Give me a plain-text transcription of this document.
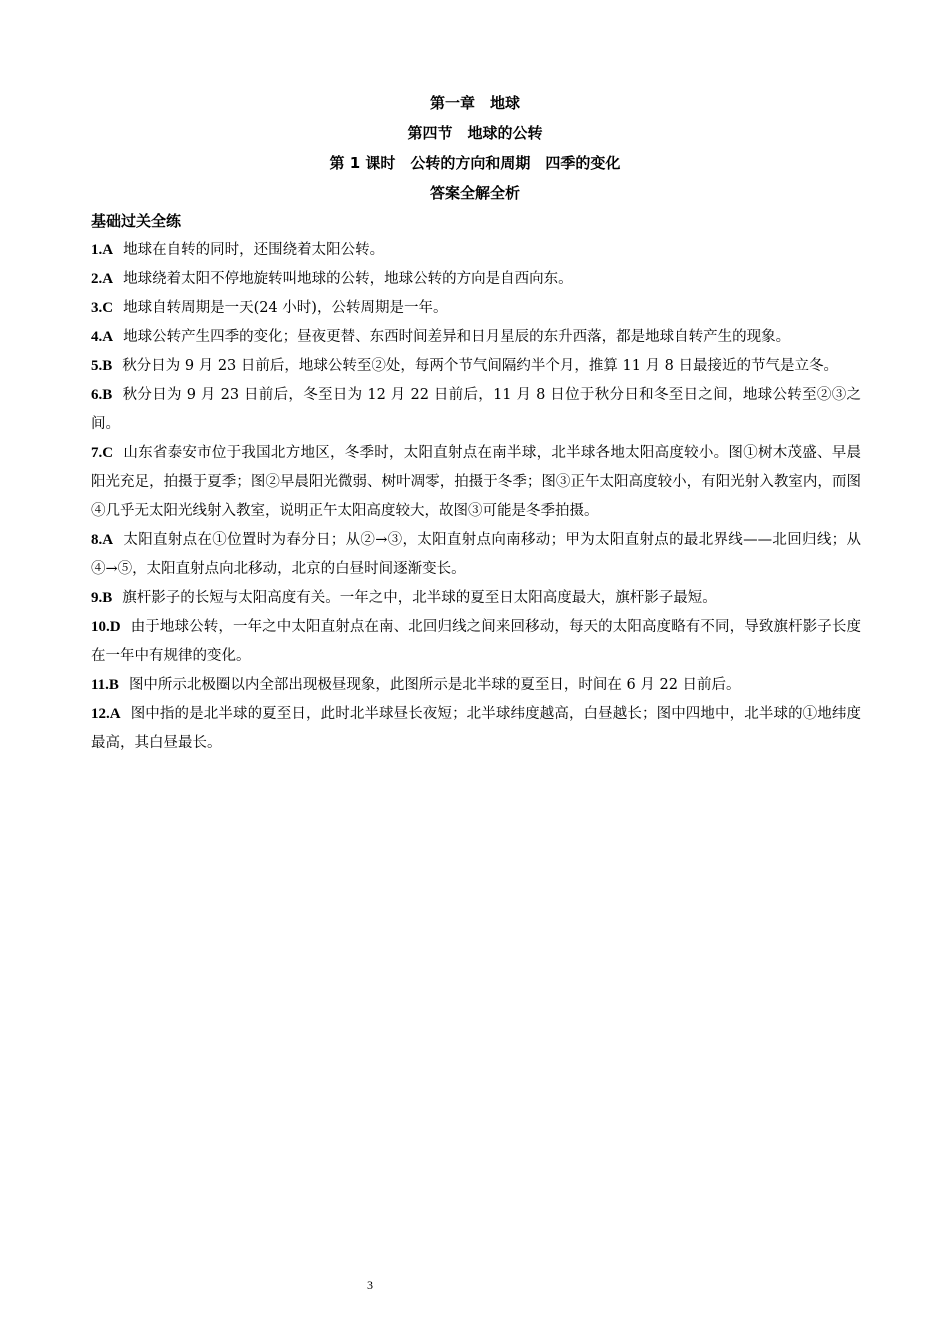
第一章　地球
第四节　地球的公转
第 1 课时　公转的方向和周期　四季的变化
答案全解全析
基础过关全练
1.A 地球在自转的同时，还围绕着太阳公转。
2.A 地球绕着太阳不停地旋转叫地球的公转，地球公转的方向是自西向东。
3.C 地球自转周期是一天(24 小时)，公转周期是一年。
4.A 地球公转产生四季的变化；昼夜更替、东西时间差异和日月星辰的东升西落，都是地球自转产生的现象。
5.B 秋分日为 9 月 23 日前后，地球公转至②处，每两个节气间隔约半个月，推算 11 月 8 日最接近的节气是立冬。
6.B 秋分日为 9 月 23 日前后，冬至日为 12 月 22 日前后，11 月 8 日位于秋分日和冬至日之间，地球公转至②③之间。
7.C 山东省泰安市位于我国北方地区，冬季时，太阳直射点在南半球，北半球各地太阳高度较小。图①树木茂盛、早晨阳光充足，拍摄于夏季；图②早晨阳光微弱、树叶凋零，拍摄于冬季；图③正午太阳高度较小，有阳光射入教室内，而图④几乎无太阳光线射入教室，说明正午太阳高度较大，故图③可能是冬季拍摄。
8.A 太阳直射点在①位置时为春分日；从②→③，太阳直射点向南移动；甲为太阳直射点的最北界线——北回归线；从④→⑤，太阳直射点向北移动，北京的白昼时间逐渐变长。
9.B 旗杆影子的长短与太阳高度有关。一年之中，北半球的夏至日太阳高度最大，旗杆影子最短。
10.D 由于地球公转，一年之中太阳直射点在南、北回归线之间来回移动，每天的太阳高度略有不同，导致旗杆影子长度在一年中有规律的变化。
11.B 图中所示北极圈以内全部出现极昼现象，此图所示是北半球的夏至日，时间在 6 月 22 日前后。
12.A 图中指的是北半球的夏至日，此时北半球昼长夜短；北半球纬度越高，白昼越长；图中四地中，北半球的①地纬度最高，其白昼最长。
3
